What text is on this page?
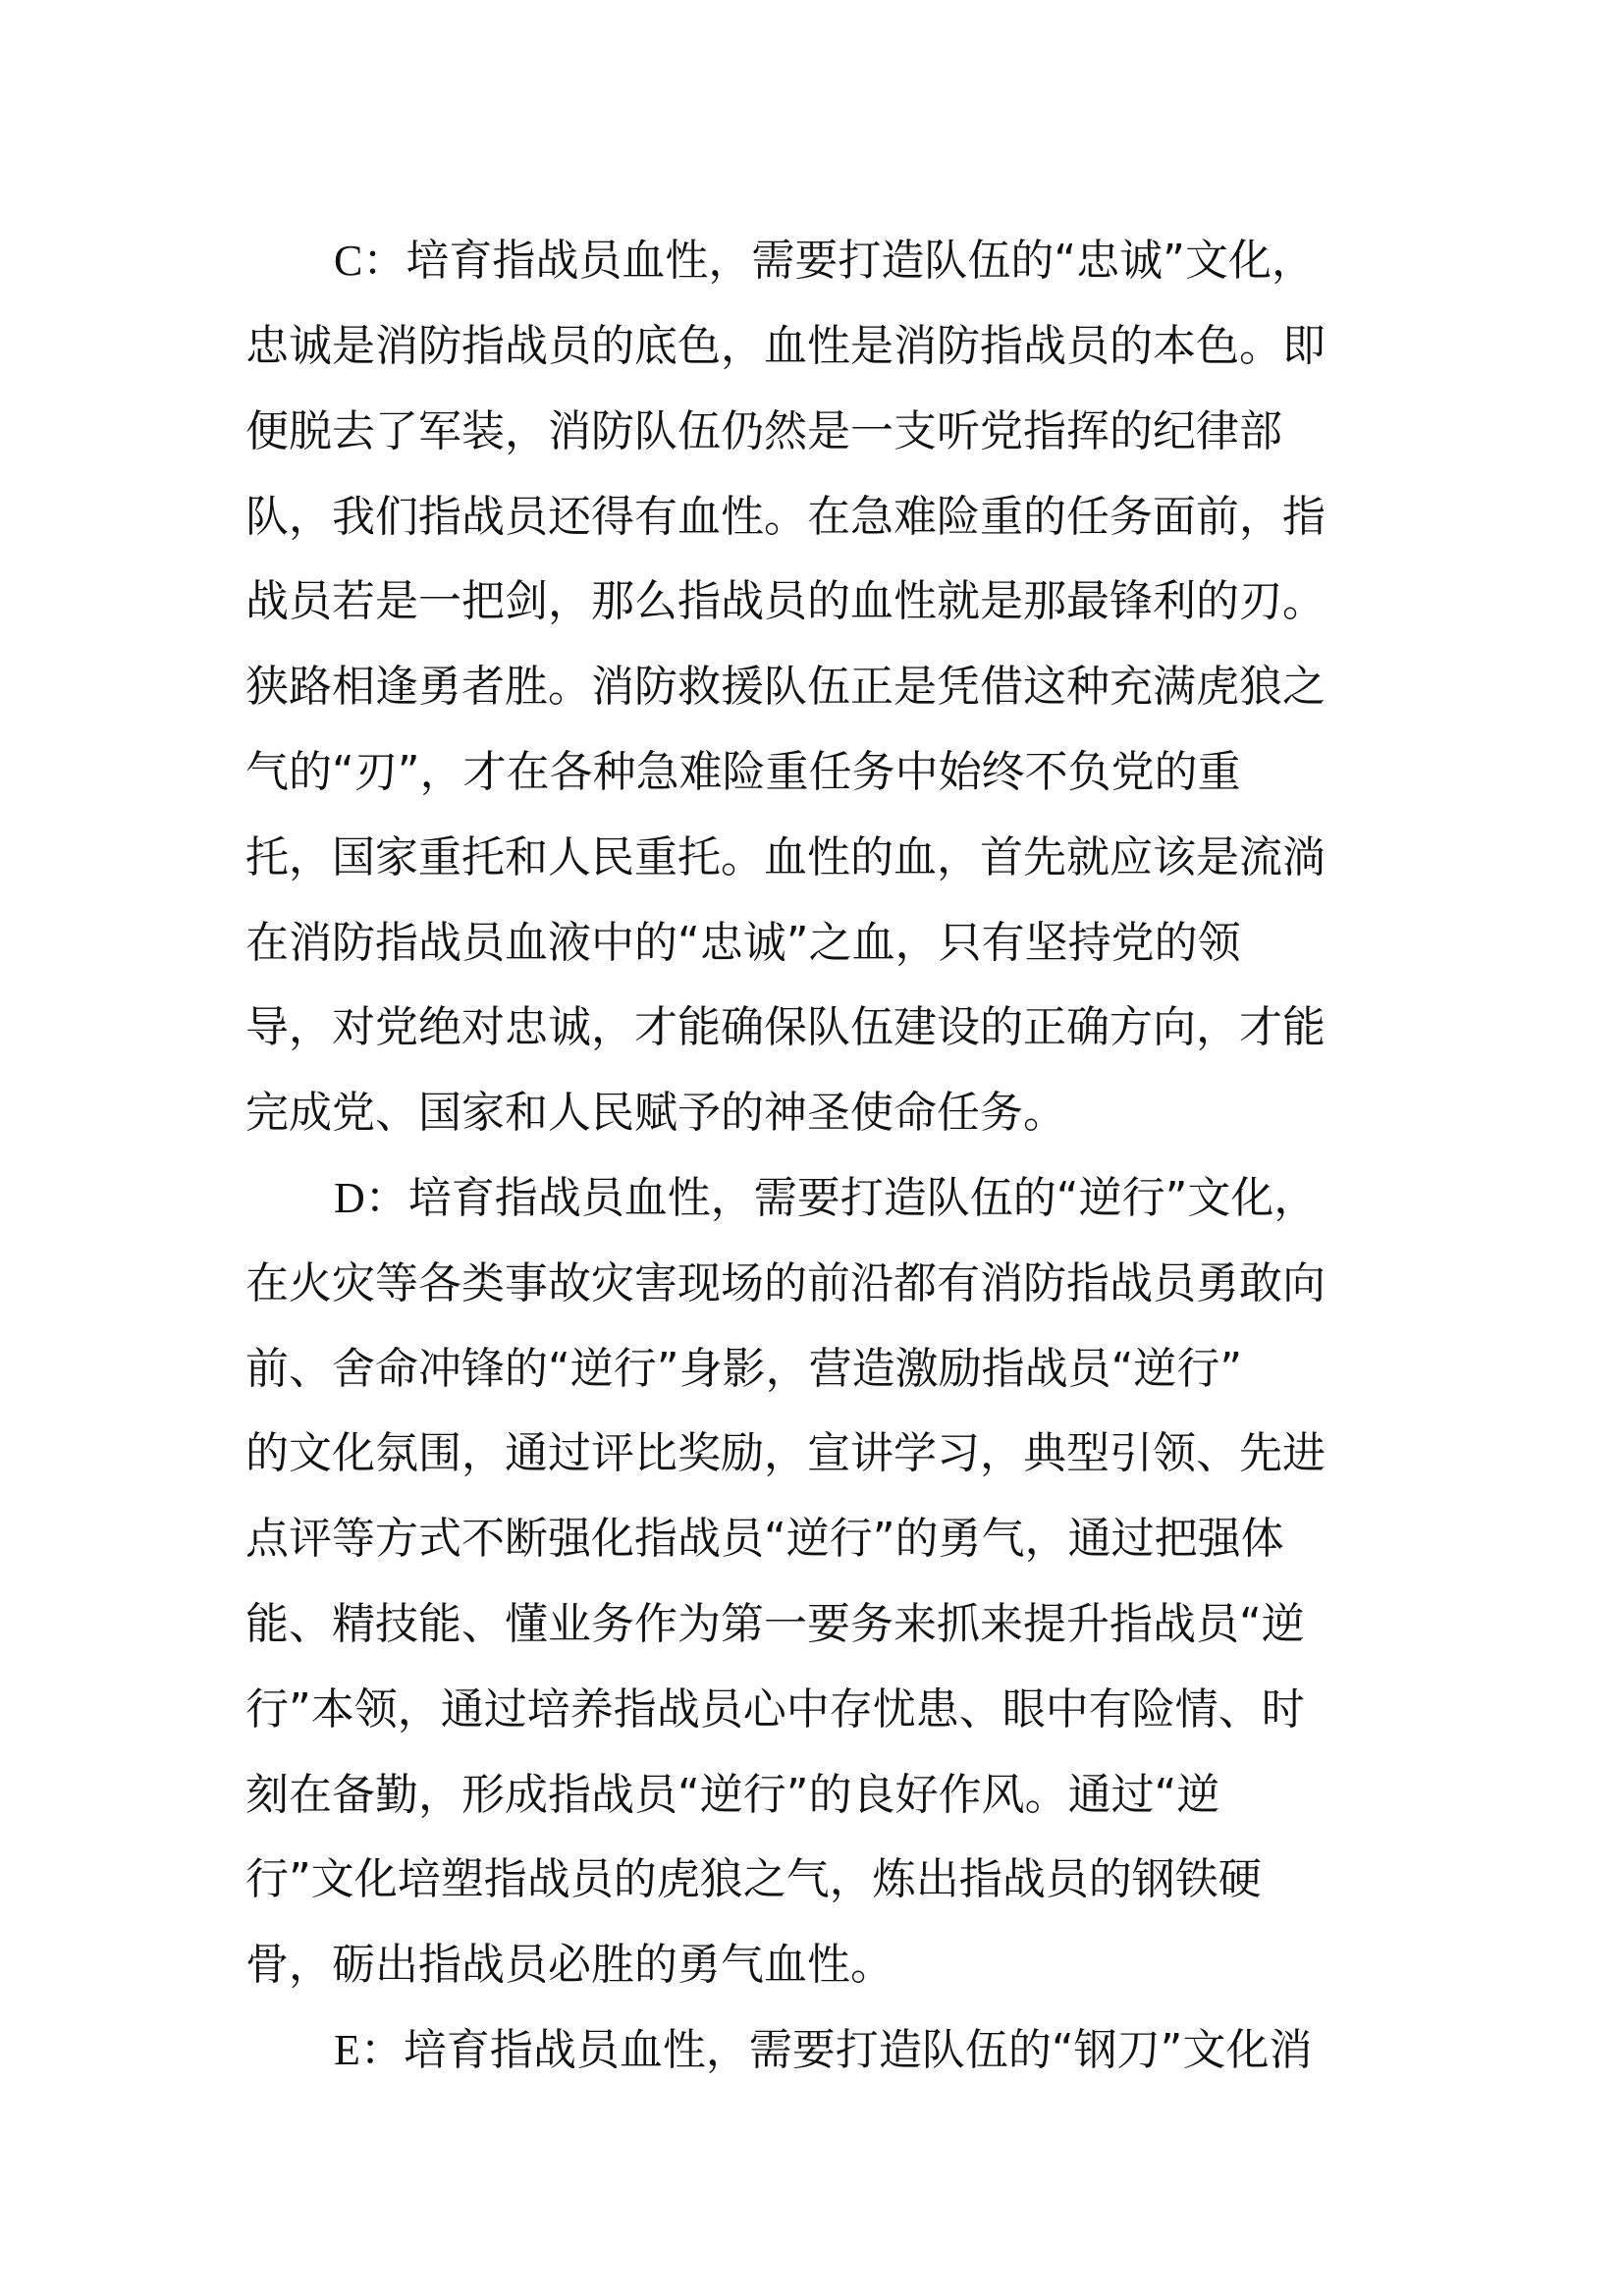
C：培育指战员血性，需要打造队伍的“忠诚”文化，
忠诚是消防指战员的底色，血性是消防指战员的本色。即
便脱去了军装，消防队伍仍然是一支听党指挥的纪律部
队，我们指战员还得有血性。在急难险重的任务面前，指
战员若是一把剑，那么指战员的血性就是那最锋利的刃。
狭路相逢勇者胜。消防救援队伍正是凭借这种充满虎狼之
气的“刃”，才在各种急难险重任务中始终不负党的重
托，国家重托和人民重托。血性的血，首先就应该是流淌
在消防指战员血液中的“忠诚”之血，只有坚持党的领
导，对党绝对忠诚，才能确保队伍建设的正确方向，才能
完成党、国家和人民赋予的神圣使命任务。
D：培育指战员血性，需要打造队伍的“逆行”文化，
在火灾等各类事故灾害现场的前沿都有消防指战员勇敢向
前、舍命冲锋的“逆行”身影，营造激励指战员“逆行”
的文化氛围，通过评比奖励，宣讲学习，典型引领、先进
点评等方式不断强化指战员“逆行”的勇气，通过把强体
能、精技能、懂业务作为第一要务来抓来提升指战员“逆
行”本领，通过培养指战员心中存忧患、眼中有险情、时
刻在备勤，形成指战员“逆行”的良好作风。通过“逆
行”文化培塑指战员的虎狼之气，炼出指战员的钢铁硬
骨，砺出指战员必胜的勇气血性。
E：培育指战员血性，需要打造队伍的“钢刀”文化消
